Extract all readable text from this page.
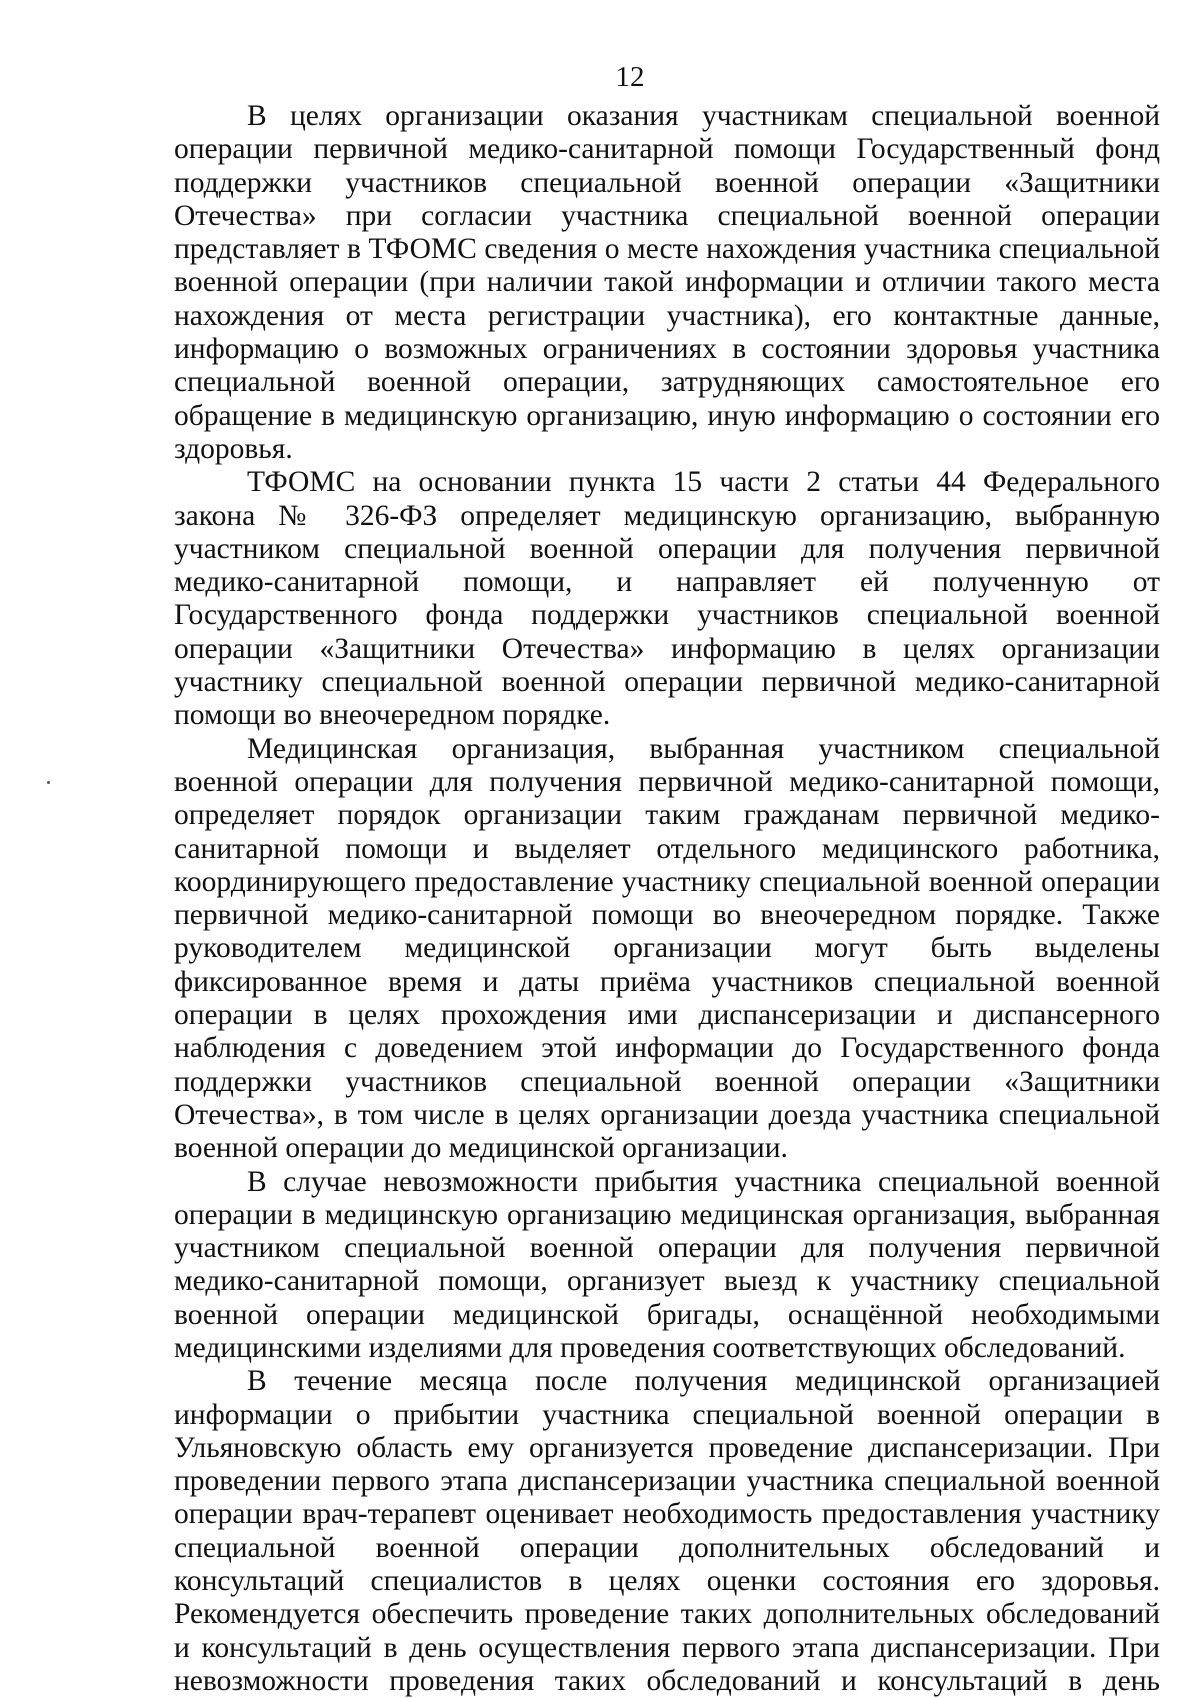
12

В целях организации оказания участникам специальной военной операции первичной медико-санитарной помощи Государственный фонд поддержки участников специальной военной операции «Защитники Отечества» при согласии участника специальной военной операции представляет в ТФОМС сведения о месте нахождения участника специальной военной операции (при наличии такой информации и отличии такого места нахождения от места регистрации участника), его контактные данные, информацию о возможных ограничениях в состоянии здоровья участника специальной военной операции, затрудняющих самостоятельное его обращение в медицинскую организацию, иную информацию о состоянии его здоровья.

ТФОМС на основании пункта 15 части 2 статьи 44 Федерального закона № 326-ФЗ определяет медицинскую организацию, выбранную участником специальной военной операции для получения первичной медико-санитарной помощи, и направляет ей полученную от Государственного фонда поддержки участников специальной военной операции «Защитники Отечества» информацию в целях организации участнику специальной военной операции первичной медико-санитарной помощи во внеочередном порядке.

Медицинская организация, выбранная участником специальной военной операции для получения первичной медико-санитарной помощи, определяет порядок организации таким гражданам первичной медико-санитарной помощи и выделяет отдельного медицинского работника, координирующего предоставление участнику специальной военной операции первичной медико-санитарной помощи во внеочередном порядке. Также руководителем медицинской организации могут быть выделены фиксированное время и даты приёма участников специальной военной операции в целях прохождения ими диспансеризации и диспансерного наблюдения с доведением этой информации до Государственного фонда поддержки участников специальной военной операции «Защитники Отечества», в том числе в целях организации доезда участника специальной военной операции до медицинской организации.

В случае невозможности прибытия участника специальной военной операции в медицинскую организацию медицинская организация, выбранная участником специальной военной операции для получения первичной медико-санитарной помощи, организует выезд к участнику специальной военной операции медицинской бригады, оснащённой необходимыми медицинскими изделиями для проведения соответствующих обследований.

В течение месяца после получения медицинской организацией информации о прибытии участника специальной военной операции в Ульяновскую область ему организуется проведение диспансеризации. При проведении первого этапа диспансеризации участника специальной военной операции врач-терапевт оценивает необходимость предоставления участнику специальной военной операции дополнительных обследований и консультаций специалистов в целях оценки состояния его здоровья. Рекомендуется обеспечить проведение таких дополнительных обследований и консультаций в день осуществления первого этапа диспансеризации. При невозможности проведения таких обследований и консультаций в день
